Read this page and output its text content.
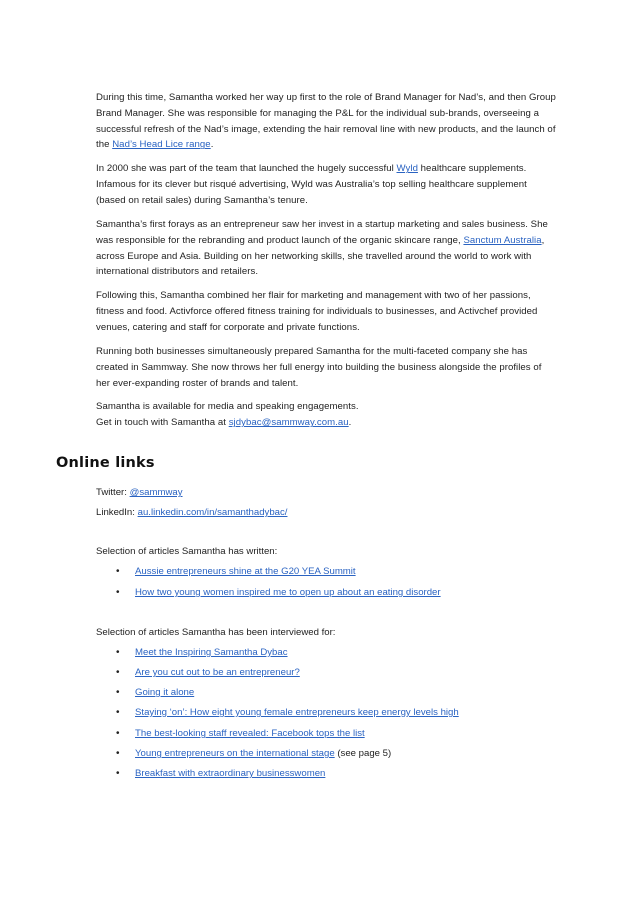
During this time, Samantha worked her way up first to the role of Brand Manager for Nad’s, and then Group Brand Manager. She was responsible for managing the P&L for the individual sub-brands, overseeing a successful refresh of the Nad’s image, extending the hair removal line with new products, and the launch of the Nad’s Head Lice range.

In 2000 she was part of the team that launched the hugely successful Wyld healthcare supplements. Infamous for its clever but risqué advertising, Wyld was Australia’s top selling healthcare supplement (based on retail sales) during Samantha’s tenure.

Samantha’s first forays as an entrepreneur saw her invest in a startup marketing and sales business. She was responsible for the rebranding and product launch of the organic skincare range, Sanctum Australia, across Europe and Asia. Building on her networking skills, she travelled around the world to work with international distributors and retailers.

Following this, Samantha combined her flair for marketing and management with two of her passions, fitness and food. Activforce offered fitness training for individuals to businesses, and Activchef provided venues, catering and staff for corporate and private functions.

Running both businesses simultaneously prepared Samantha for the multi-faceted company she has created in Sammway. She now throws her full energy into building the business alongside the profiles of her ever-expanding roster of brands and talent.

Samantha is available for media and speaking engagements.
Get in touch with Samantha at sjdybac@sammway.com.au.

Online links
Twitter: @sammway
LinkedIn: au.linkedin.com/in/samanthadybac/
Selection of articles Samantha has written:
• Aussie entrepreneurs shine at the G20 YEA Summit
• How two young women inspired me to open up about an eating disorder
Selection of articles Samantha has been interviewed for:
• Meet the Inspiring Samantha Dybac
• Are you cut out to be an entrepreneur?
• Going it alone
• Staying ‘on’: How eight young female entrepreneurs keep energy levels high
• The best-looking staff revealed: Facebook tops the list
• Young entrepreneurs on the international stage (see page 5)
• Breakfast with extraordinary businesswomen
